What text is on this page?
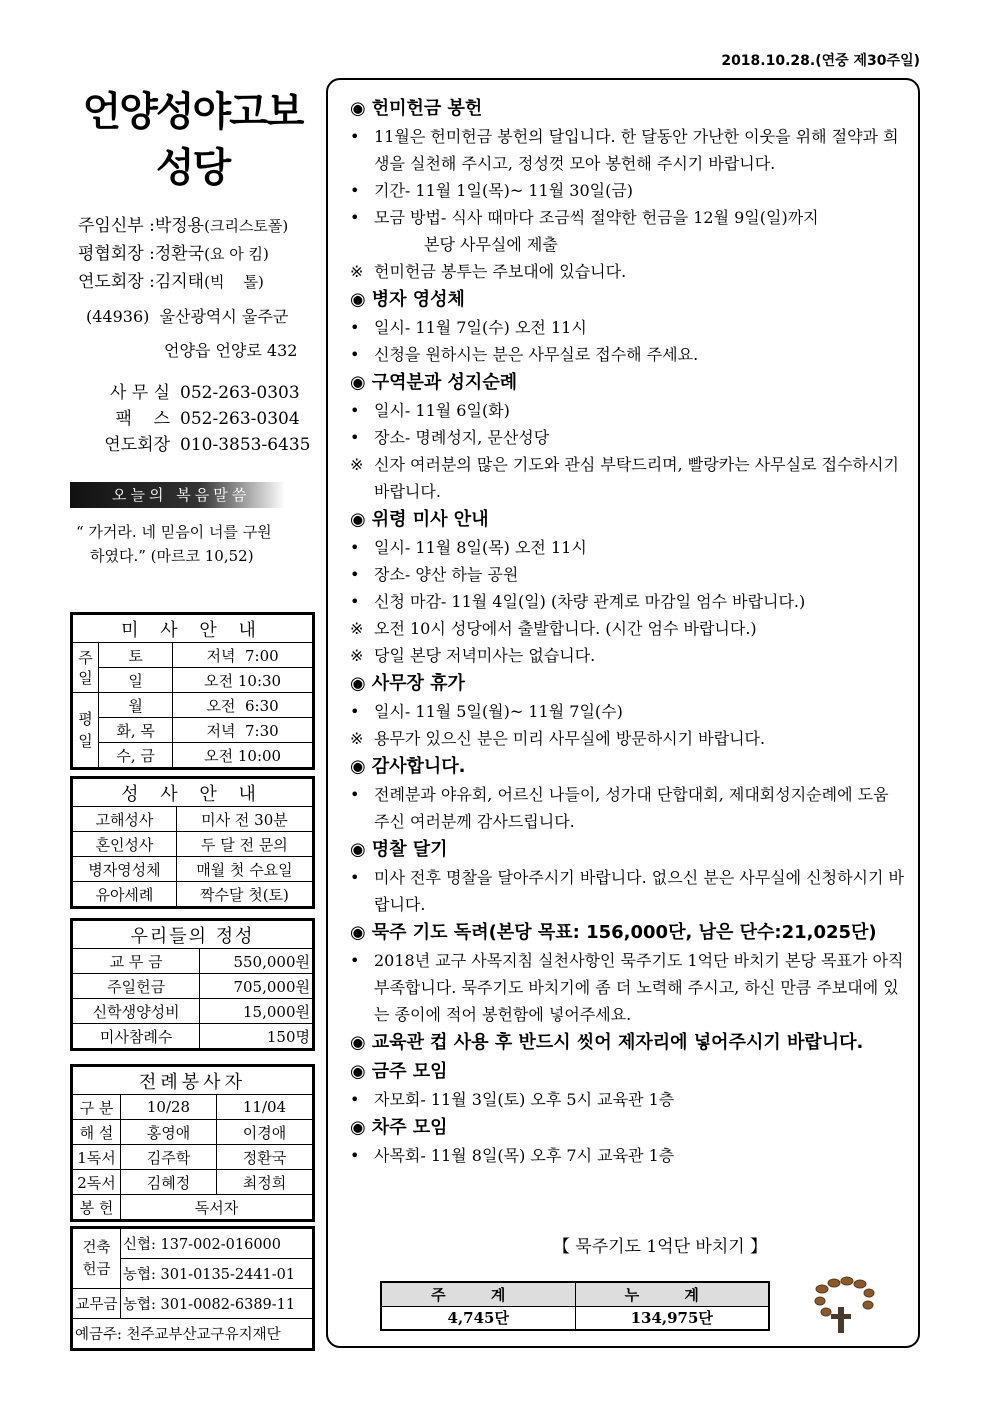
2018.10.28.(연중 제30주일)
언양성야고보
성당
주임신부 :박정용(크리스토폴)
평협회장 :정환국(요 아 킴)
연도회장 :김지태(빅    톨)
(44936)  울산광역시 울주군
언양읍 언양로 432
사 무 실 052-263-0303
팩    스 052-263-0304
연도회장 010-3853-6435
오늘의 복음말씀
“ 가거라. 네 믿음이 너를 구원
하였다.” (마르코 10,52)
미 사 안 내		
주일	토	저녁  7:00
	일	오전 10:30
평일	월	오전  6:30
	화, 목	저녁  7:30
	수, 금	오전 10:00
성 사 안 내	
고해성사	미사 전 30분
혼인성사	두 달 전 문의
병자영성체	매월 첫 수요일
유아세례	짝수달 첫(토)
우리들의 정성	
교 무 금	550,000원
주일헌금	705,000원
신학생양성비	15,000원
미사참례수	150명
전례봉사자		
구 분	10/28	11/04
해 설	홍영애	이경애
1독서	김주학	정환국
2독서	김혜정	최정희
봉 헌	독서자	
건축
헌금	신협: 137-002-016000
	농협: 301-0135-2441-01
교무금	농협: 301-0082-6389-11
예금주: 천주교부산교구유지재단	
◉ 헌미헌금 봉헌
• 11월은 헌미헌금 봉헌의 달입니다. 한 달동안 가난한 이웃을 위해 절약과 희생을 실천해 주시고, 정성껏 모아 봉헌해 주시기 바랍니다.
• 기간- 11월 1일(목)~ 11월 30일(금)
• 모금 방법- 식사 때마다 조금씩 절약한 헌금을 12월 9일(일)까지
본당 사무실에 제출
※ 헌미헌금 봉투는 주보대에 있습니다.
◉ 병자 영성체
• 일시- 11월 7일(수) 오전 11시
• 신청을 원하시는 분은 사무실로 접수해 주세요.
◉ 구역분과 성지순례
• 일시- 11월 6일(화)
• 장소- 명례성지, 문산성당
※ 신자 여러분의 많은 기도와 관심 부탁드리며, 빨랑카는 사무실로 접수하시기 바랍니다.
◉ 위령 미사 안내
• 일시- 11월 8일(목) 오전 11시
• 장소- 양산 하늘 공원
• 신청 마감- 11월 4일(일) (차량 관계로 마감일 엄수 바랍니다.)
※ 오전 10시 성당에서 출발합니다. (시간 엄수 바랍니다.)
※ 당일 본당 저녁미사는 없습니다.
◉ 사무장 휴가
• 일시- 11월 5일(월)~ 11월 7일(수)
※ 용무가 있으신 분은 미리 사무실에 방문하시기 바랍니다.
◉ 감사합니다.
• 전례분과 야유회, 어르신 나들이, 성가대 단합대회, 제대회성지순례에 도움 주신 여러분께 감사드립니다.
◉ 명찰 달기
• 미사 전후 명찰을 달아주시기 바랍니다. 없으신 분은 사무실에 신청하시기 바랍니다.
◉ 묵주 기도 독려(본당 목표: 156,000단, 남은 단수:21,025단)
• 2018년 교구 사목지침 실천사항인 묵주기도 1억단 바치기 본당 목표가 아직 부족합니다. 묵주기도 바치기에 좀 더 노력해 주시고, 하신 만큼 주보대에 있는 종이에 적어 봉헌함에 넣어주세요.
◉ 교육관 컵 사용 후 반드시 씻어 제자리에 넣어주시기 바랍니다.
◉ 금주 모임
• 자모회- 11월 3일(토) 오후 5시 교육관 1층
◉ 차주 모임
• 사목회- 11월 8일(목) 오후 7시 교육관 1층
【 묵주기도 1억단 바치기 】
주 계	누 계
4,745단	134,975단
